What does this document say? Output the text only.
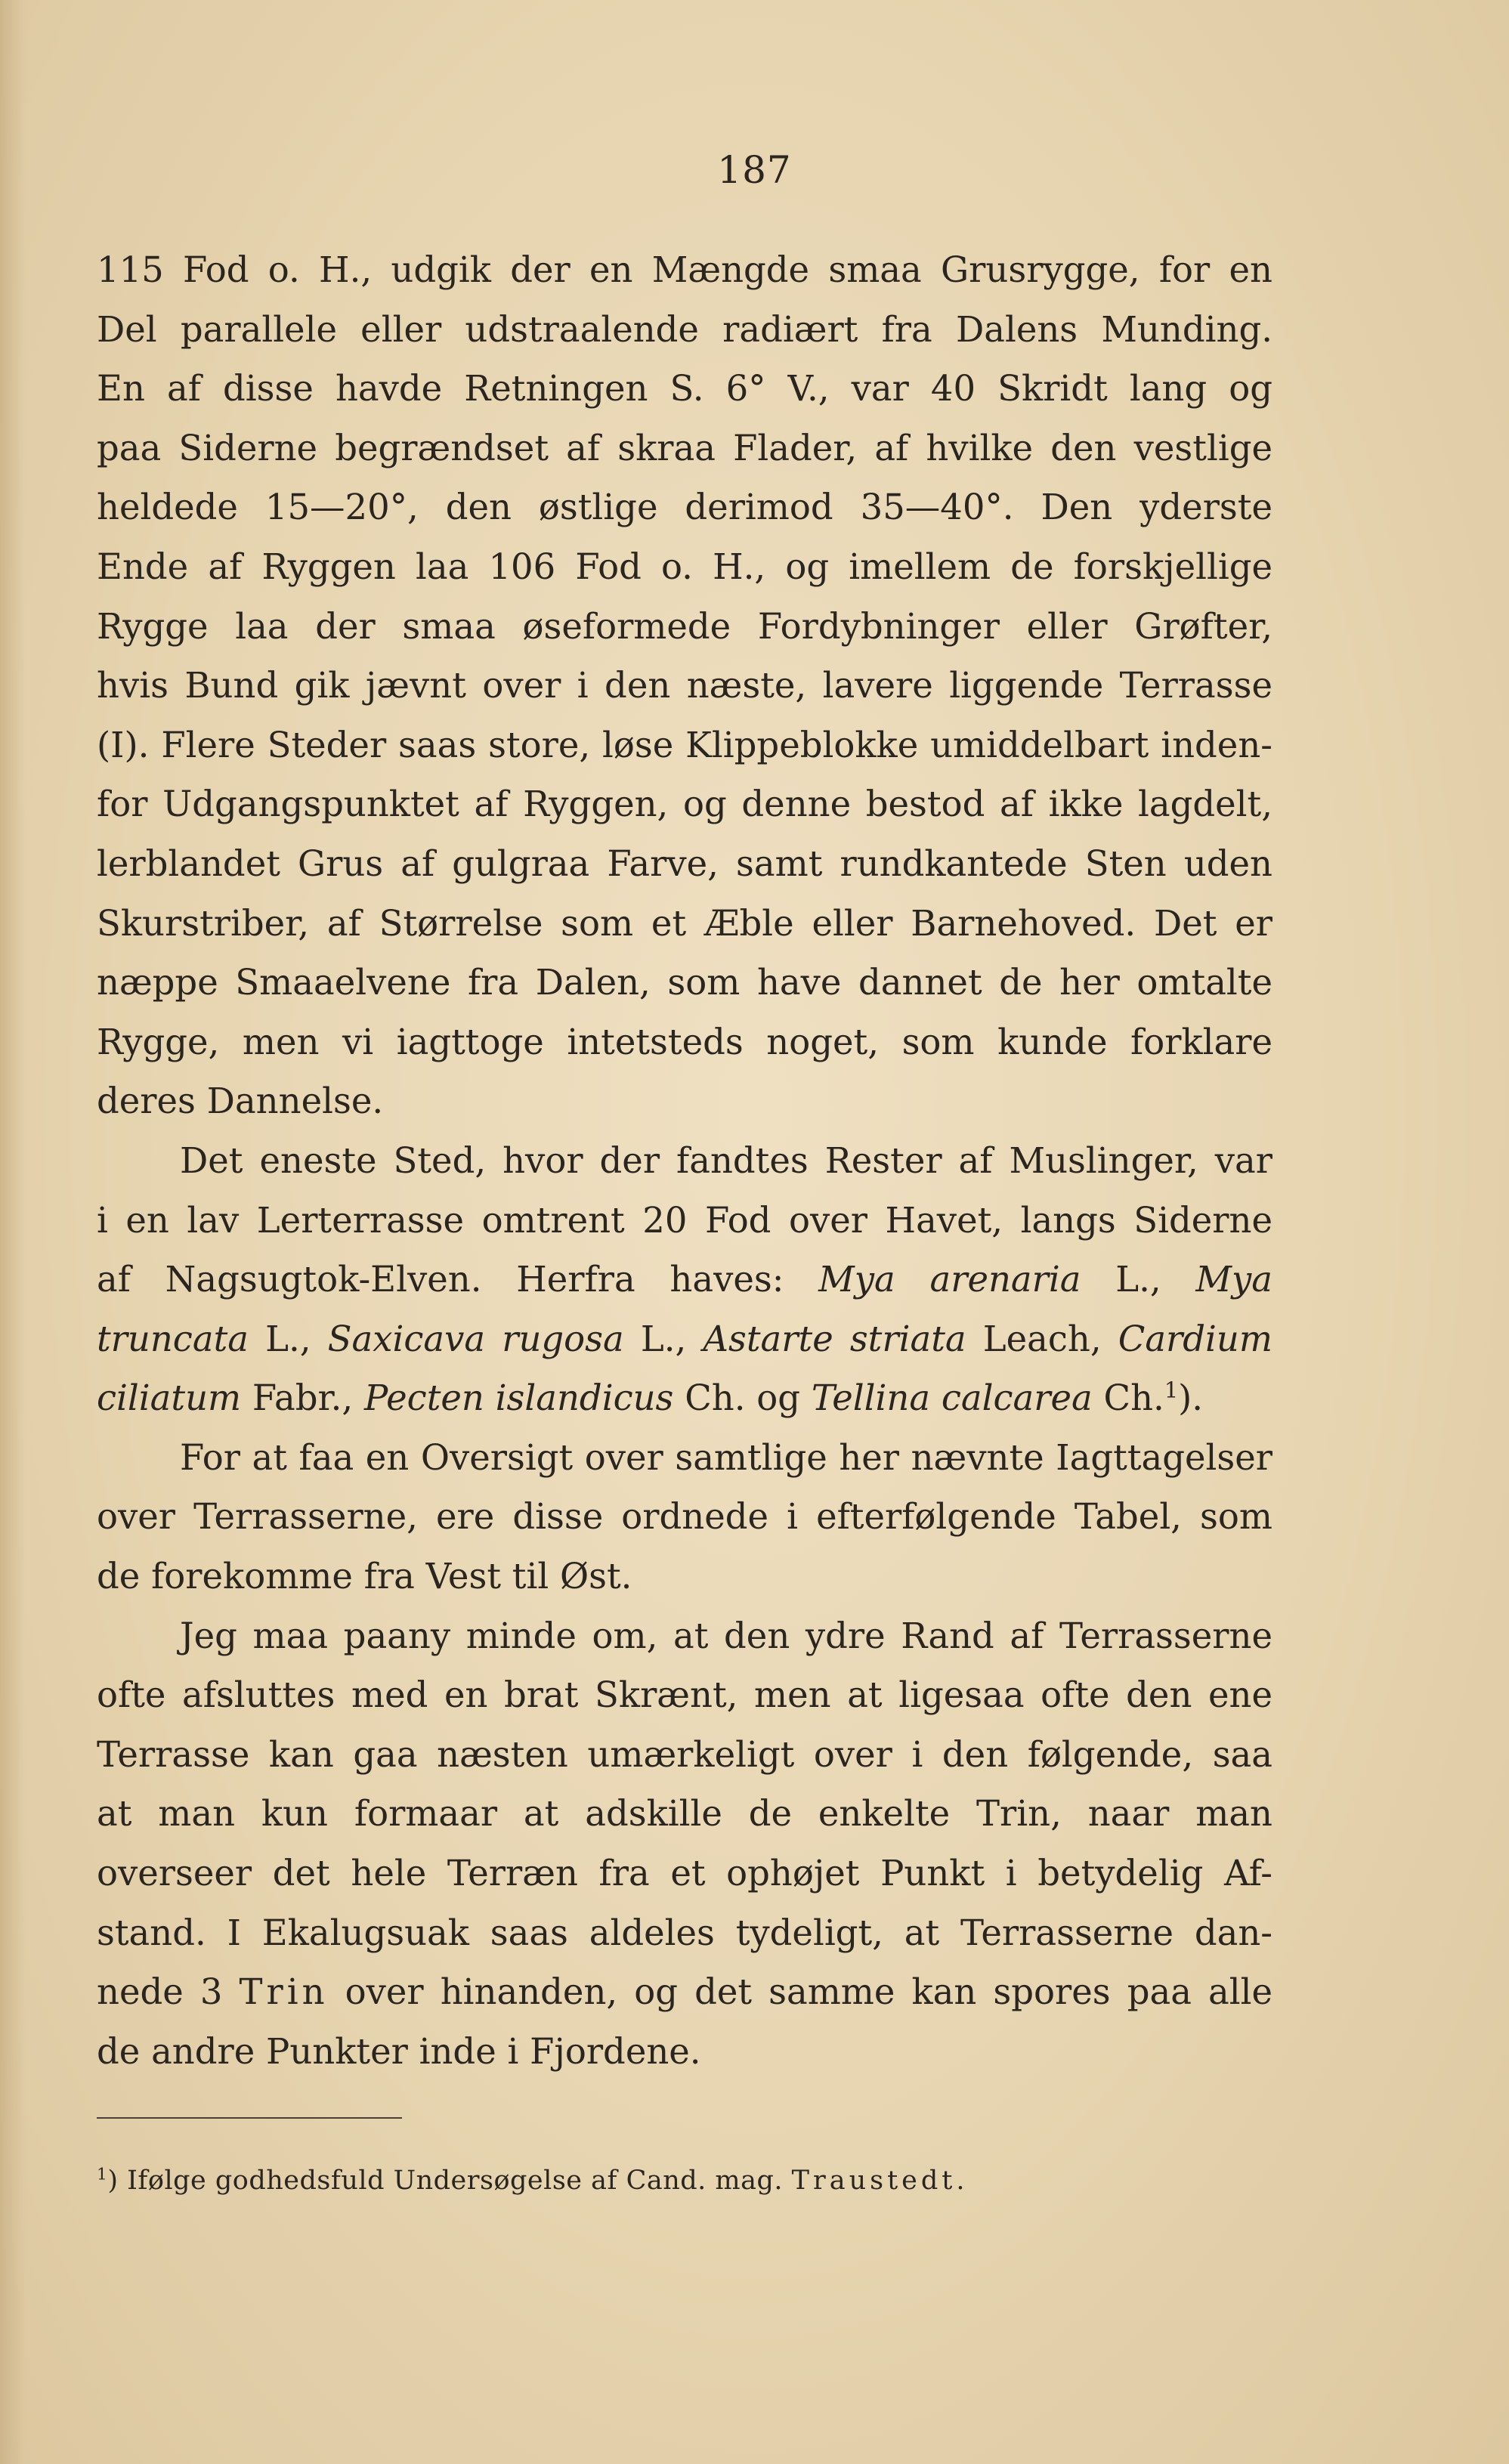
187
115 Fod o. H., udgik der en Mængde smaa Grusrygge, for en
Del parallele eller udstraalende radiært fra Dalens Munding.
En af disse havde Retningen S. 6° V., var 40 Skridt lang og
paa Siderne begrændset af skraa Flader, af hvilke den vestlige
heldede 15—20°, den østlige derimod 35—40°. Den yderste
Ende af Ryggen laa 106 Fod o. H., og imellem de forskjellige
Rygge laa der smaa øseformede Fordybninger eller Grøfter,
hvis Bund gik jævnt over i den næste, lavere liggende Terrasse
(I). Flere Steder saas store, løse Klippeblokke umiddelbart inden-
for Udgangspunktet af Ryggen, og denne bestod af ikke lagdelt,
lerblandet Grus af gulgraa Farve, samt rundkantede Sten uden
Skurstriber, af Størrelse som et Æble eller Barnehoved. Det er
næppe Smaaelvene fra Dalen, som have dannet de her omtalte
Rygge, men vi iagttoge intetsteds noget, som kunde forklare
deres Dannelse.
Det eneste Sted, hvor der fandtes Rester af Muslinger, var
i en lav Lerterrasse omtrent 20 Fod over Havet, langs Siderne
af Nagsugtok-Elven. Herfra haves: Mya arenaria L., Mya
truncata L., Saxicava rugosa L., Astarte striata Leach, Cardium
ciliatum Fabr., Pecten islandicus Ch. og Tellina calcarea Ch.$^1$).
For at faa en Oversigt over samtlige her nævnte Iagttagelser
over Terrasserne, ere disse ordnede i efterfølgende Tabel, som
de forekomme fra Vest til Øst.
Jeg maa paany minde om, at den ydre Rand af Terrasserne
ofte afsluttes med en brat Skrænt, men at ligesaa ofte den ene
Terrasse kan gaa næsten umærkeligt over i den følgende, saa
at man kun formaar at adskille de enkelte Trin, naar man
overseer det hele Terræn fra et ophøjet Punkt i betydelig Af-
stand. I Ekalugsuak saas aldeles tydeligt, at Terrasserne dan-
nede 3 Trin over hinanden, og det samme kan spores paa alle
de andre Punkter inde i Fjordene.
$^1$) Ifølge godhedsfuld Undersøgelse af Cand. mag. Traustedt.
